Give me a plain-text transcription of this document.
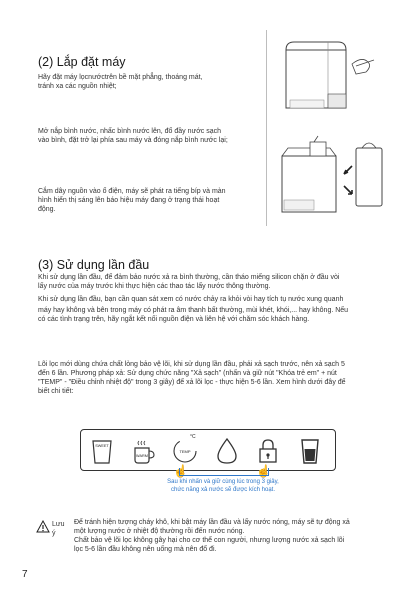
(2) Lắp đặt máy
Hãy đặt máy lọcnướctrên bề mặt phẳng, thoáng mát,
tránh xa các nguồn nhiệt;
Mở nắp bình nước, nhấc bình nước lên, đổ đầy nước sạch
vào bình, đặt trở lại phía sau máy và đóng nắp bình nước lại;
Cắm dây nguồn vào ổ điện, máy sẽ phát ra tiếng bíp và màn
hình hiển thị sáng lên báo hiệu máy đang ở trạng thái hoạt
động.
(3) Sử dụng lần đầu
Khi sử dụng lần đầu, để đảm bảo nước xả ra bình thường, cần tháo miếng silicon chặn ở đầu vòi
lấy nước của máy trước khi thực hiện các thao tác lấy nước thông thường.
Khi sử dụng lần đầu, bạn cần quan sát xem có nước chảy ra khỏi vòi hay tích tụ nước xung quanh
máy hay không và bên trong máy có phát ra âm thanh bất thường, mùi khét, khói,... hay không. Nếu
có các tình trạng trên, hãy ngắt kết nối nguồn điện và liên hệ với chăm sóc khách hàng.
Lõi lọc mới dùng chứa chất lỏng bảo vệ lõi, khi sử dụng lần đầu, phải xả sạch trước, nên xả sạch 5
đến 6 lần. Phương pháp xả: Sử dụng chức năng "Xả sạch" (nhấn và giữ nút "Khóa trẻ em" + nút
"TEMP" - "Điều chỉnh nhiệt độ" trong 3 giây) để xả lõi lọc - thực hiện 5-6 lần. Xem hình dưới đây để
biết chi tiết:
SWEET
WARM
°C
TEMP
☝	☝
Sau khi nhấn và giữ cùng lúc trong 3 giây,
chức năng xả nước sẽ được kích hoạt.
Lưu
ý
Để tránh hiện tượng cháy khô, khi bật máy lần đầu và lấy nước nóng, máy sẽ tự động xả
một lượng nước ở nhiệt độ thường rồi đến nước nóng.
Chất bảo vệ lõi lọc không gây hại cho cơ thể con người, nhưng lượng nước xả sạch lõi
lọc 5-6 lần đầu không nên uống mà nên đổ đi.
7
